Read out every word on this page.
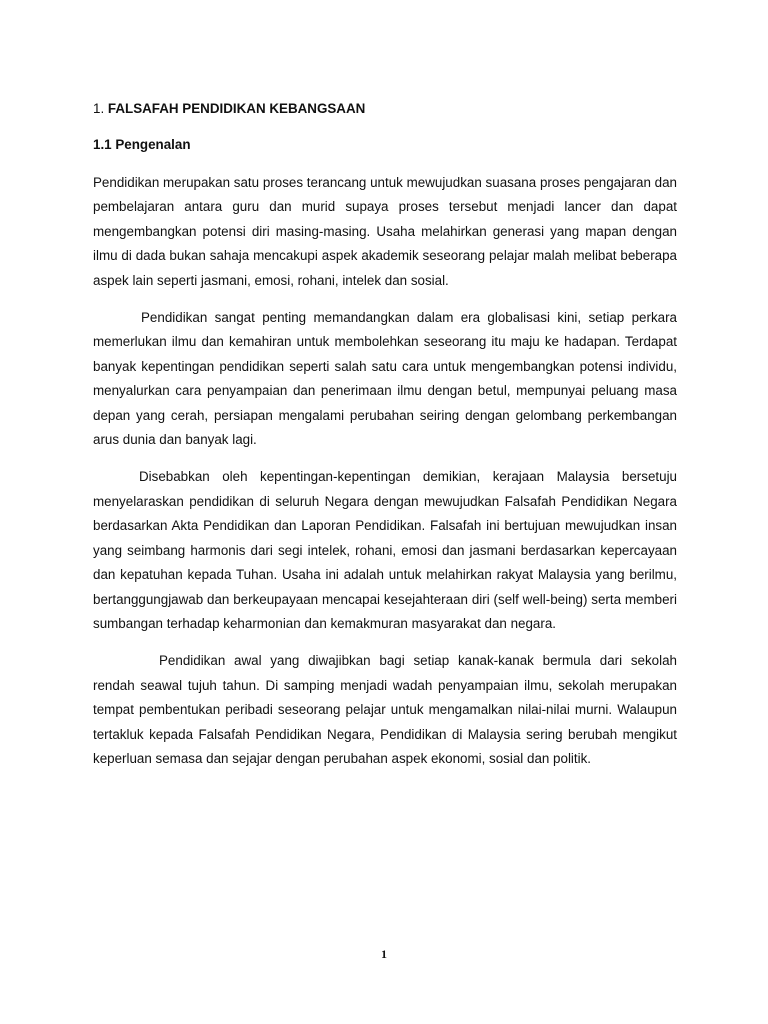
1. FALSAFAH PENDIDIKAN KEBANGSAAN
1.1 Pengenalan

Pendidikan merupakan satu proses terancang untuk mewujudkan suasana proses pengajaran dan pembelajaran antara guru dan murid supaya proses tersebut menjadi lancer dan dapat mengembangkan potensi diri masing-masing. Usaha melahirkan generasi yang mapan dengan ilmu di dada bukan sahaja mencakupi aspek akademik seseorang pelajar malah melibat beberapa aspek lain seperti jasmani, emosi, rohani, intelek dan sosial.

Pendidikan sangat penting memandangkan dalam era globalisasi kini, setiap perkara memerlukan ilmu dan kemahiran untuk membolehkan seseorang itu maju ke hadapan. Terdapat banyak kepentingan pendidikan seperti salah satu cara untuk mengembangkan potensi individu, menyalurkan cara penyampaian dan penerimaan ilmu dengan betul, mempunyai peluang masa depan yang cerah, persiapan mengalami perubahan seiring dengan gelombang perkembangan arus dunia dan banyak lagi.

Disebabkan oleh kepentingan-kepentingan demikian, kerajaan Malaysia bersetuju menyelaraskan pendidikan di seluruh Negara dengan mewujudkan Falsafah Pendidikan Negara berdasarkan Akta Pendidikan dan Laporan Pendidikan. Falsafah ini bertujuan mewujudkan insan yang seimbang harmonis dari segi intelek, rohani, emosi dan jasmani berdasarkan kepercayaan dan kepatuhan kepada Tuhan. Usaha ini adalah untuk melahirkan rakyat Malaysia yang berilmu, bertanggungjawab dan berkeupayaan mencapai kesejahteraan diri (self well-being) serta memberi sumbangan terhadap keharmonian dan kemakmuran masyarakat dan negara.

Pendidikan awal yang diwajibkan bagi setiap kanak-kanak bermula dari sekolah rendah seawal tujuh tahun. Di samping menjadi wadah penyampaian ilmu, sekolah merupakan tempat pembentukan peribadi seseorang pelajar untuk mengamalkan nilai-nilai murni. Walaupun tertakluk kepada Falsafah Pendidikan Negara, Pendidikan di Malaysia sering berubah mengikut keperluan semasa dan sejajar dengan perubahan aspek ekonomi, sosial dan politik.

1
